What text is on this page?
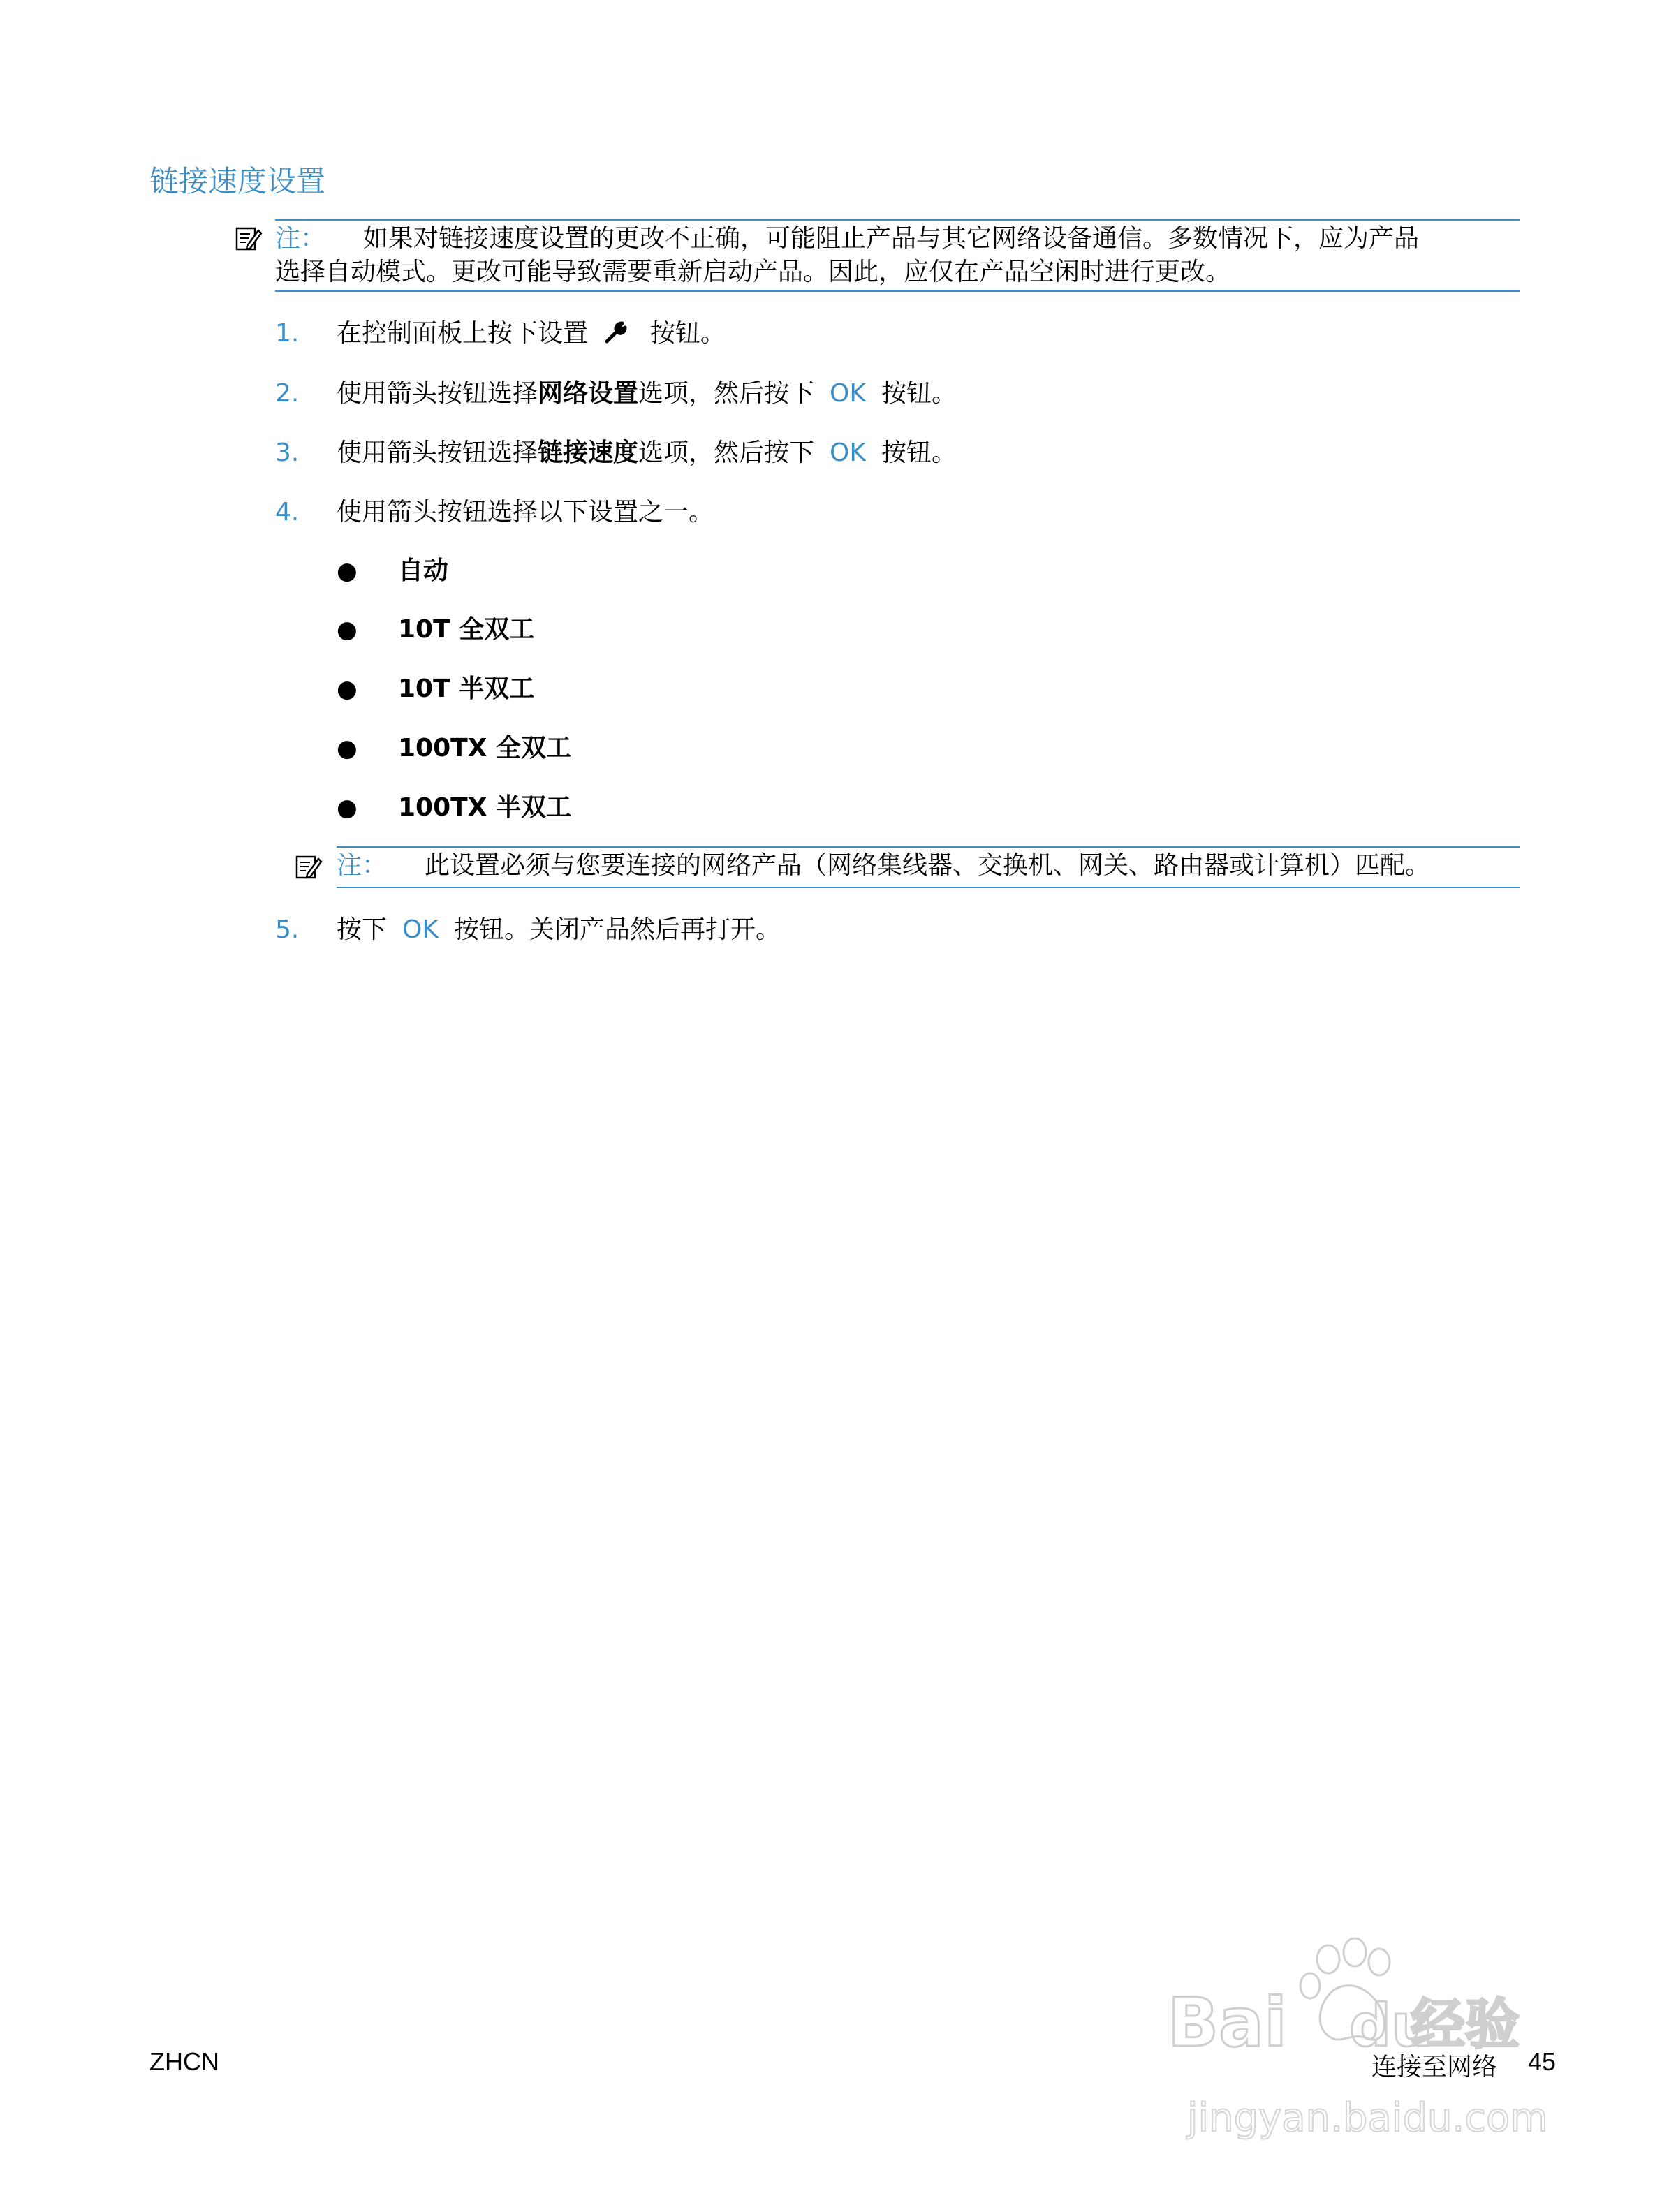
链接速度设置
注： 如果对链接速度设置的更改不正确，可能阻止产品与其它网络设备通信。多数情况下，应为产品
选择自动模式。更改可能导致需要重新启动产品。因此，应仅在产品空闲时进行更改。
1.	在控制面板上按下设置 按钮。
2.	使用箭头按钮选择网络设置选项，然后按下 OK 按钮。
3.	使用箭头按钮选择链接速度选项，然后按下 OK 按钮。
4.	使用箭头按钮选择以下设置之一。
●	自动
●	10T 全双工
●	10T 半双工
●	100TX 全双工
●	100TX 半双工
注： 此设置必须与您要连接的网络产品（网络集线器、交换机、网关、路由器或计算机）匹配。
5.	按下 OK 按钮。关闭产品然后再打开。
Bai du
经验
jingyan.baidu.com
ZHCN	连接至网络 45
